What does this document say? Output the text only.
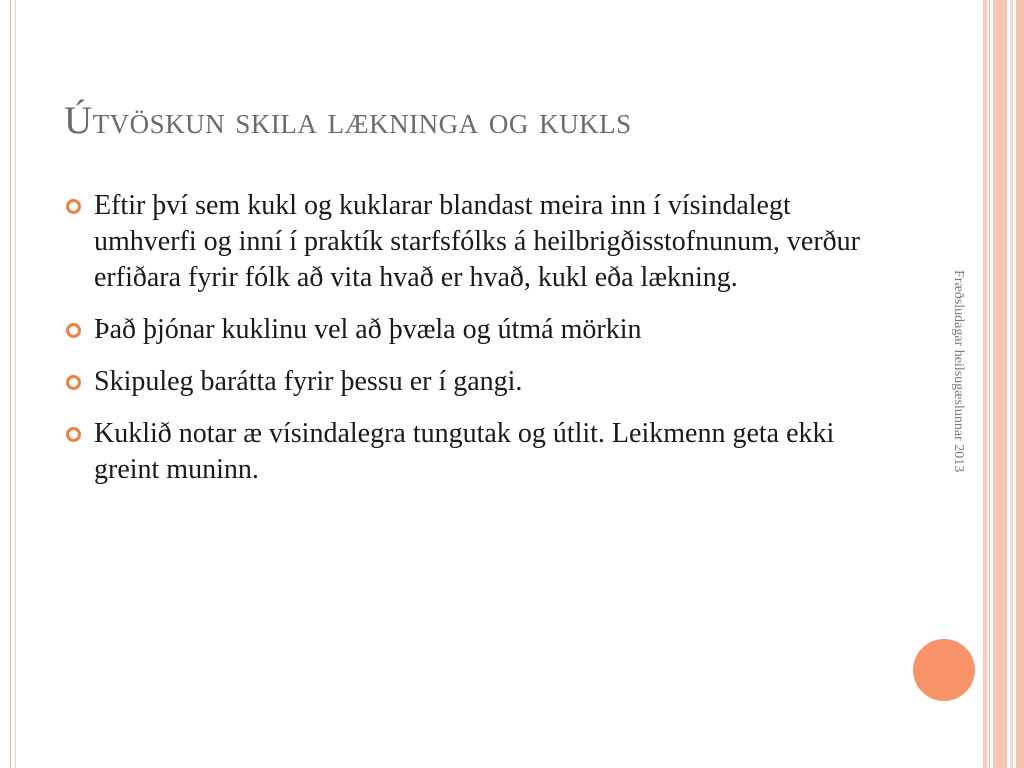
Útvöskun skila lækninga og kukls
Eftir því sem kukl og kuklarar blandast meira inn í vísindalegt umhverfi og inní í praktík starfsfólks á heilbrigðisstofnunum, verður erfiðara fyrir fólk að vita hvað er hvað, kukl eða lækning.
Það þjónar kuklinu vel að þvæla og útmá mörkin
Skipuleg barátta fyrir þessu er í gangi.
Kuklið notar æ vísindalegra tungutak og útlit. Leikmenn geta ekki greint muninn.	Fræðsludagar heilsugæslunnar 2013
